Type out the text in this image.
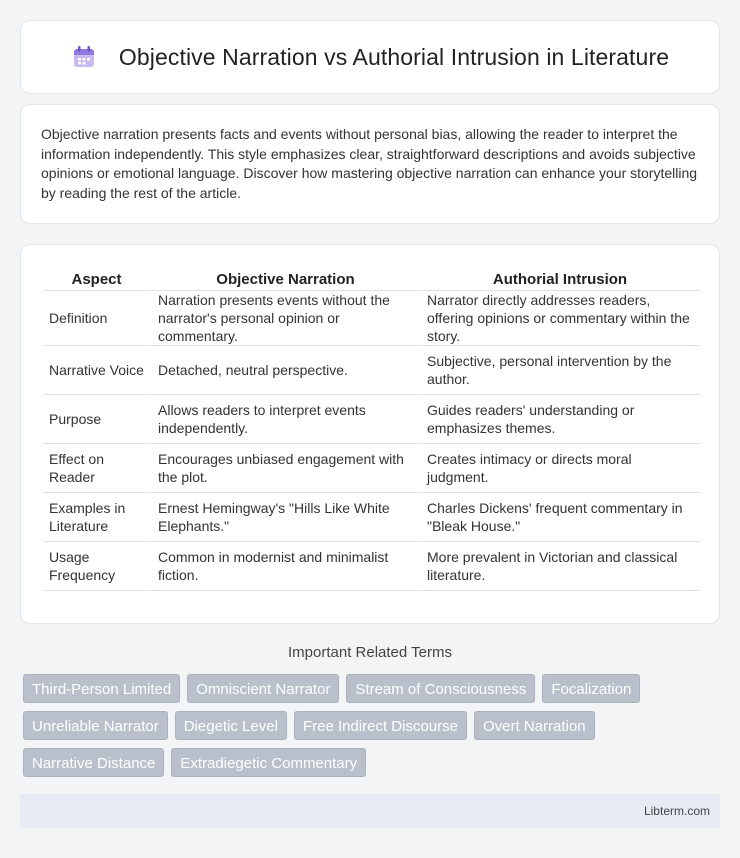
Objective Narration vs Authorial Intrusion in Literature

Objective narration presents facts and events without personal bias, allowing the reader to interpret the information independently. This style emphasizes clear, straightforward descriptions and avoids subjective opinions or emotional language. Discover how mastering objective narration can enhance your storytelling by reading the rest of the article.

Aspect	Objective Narration	Authorial Intrusion
Definition	Narration presents events without the narrator's personal opinion or commentary.	Narrator directly addresses readers, offering opinions or commentary within the story.
Narrative Voice	Detached, neutral perspective.	Subjective, personal intervention by the author.
Purpose	Allows readers to interpret events independently.	Guides readers' understanding or emphasizes themes.
Effect on Reader	Encourages unbiased engagement with the plot.	Creates intimacy or directs moral judgment.
Examples in Literature	Ernest Hemingway's "Hills Like White Elephants."	Charles Dickens' frequent commentary in "Bleak House."
Usage Frequency	Common in modernist and minimalist fiction.	More prevalent in Victorian and classical literature.
Important Related Terms
Third-Person Limited	Omniscient Narrator	Stream of Consciousness	Focalization
Unreliable Narrator	Diegetic Level	Free Indirect Discourse	Overt Narration
Narrative Distance	Extradiegetic Commentary
Libterm.com
